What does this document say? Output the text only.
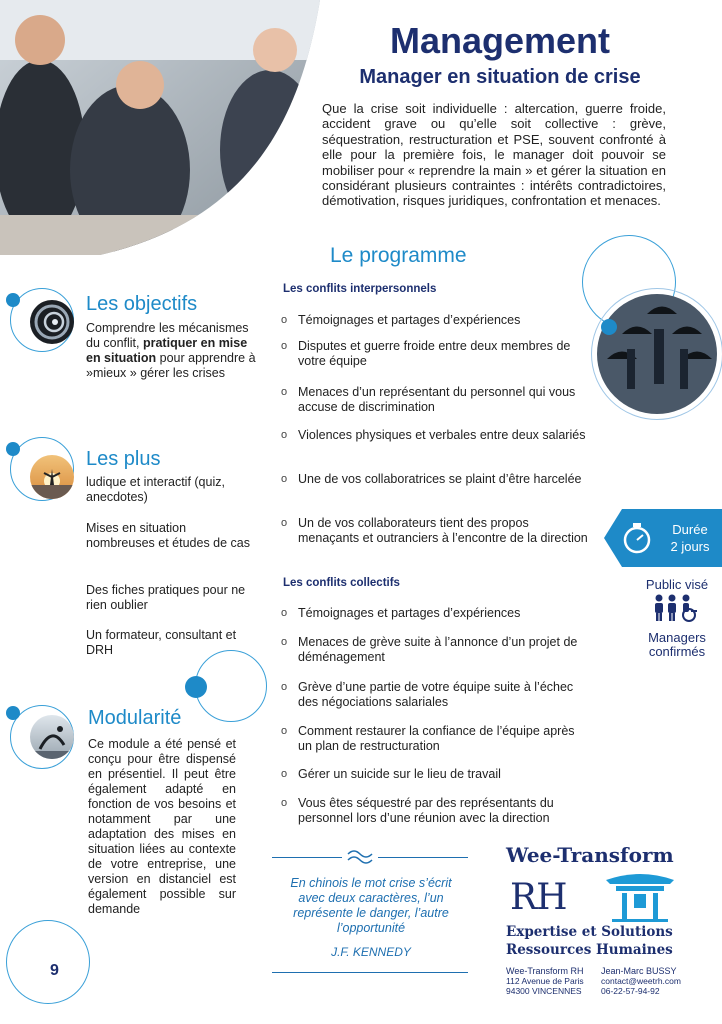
Management
Manager en situation de crise
Que la crise soit individuelle : altercation, guerre froide, accident grave ou qu’elle soit collective : grève, séquestration, restructuration et PSE, souvent confronté à elle pour la première fois, le manager doit pouvoir se mobiliser pour « reprendre la main » et gérer la situation en considérant plusieurs contraintes : intérêts contradictoires, démotivation, risques juridiques, confrontation et menaces.
Le programme
Les conflits interpersonnels
o Témoignages et partages d’expériences
o Disputes et guerre froide entre deux membres de votre équipe
o Menaces d’un représentant du personnel qui vous accuse de discrimination
o Violences physiques et verbales entre deux salariés
o Une de vos collaboratrices se plaint d’être harcelée
o Un de vos collaborateurs tient des propos menaçants et outranciers à l’encontre de la direction
Les conflits collectifs
o Témoignages et partages d’expériences
o Menaces de grève suite à l’annonce d’un projet de déménagement
o Grève d’une partie de votre équipe suite à l’échec des négociations salariales
o Comment restaurer la confiance de l’équipe après un plan de restructuration
o Gérer un suicide sur le lieu de travail
o Vous êtes séquestré par des représentants du personnel lors d’une réunion avec la direction
Les objectifs
Comprendre les mécanismes du conflit, pratiquer en mise en situation pour apprendre à »mieux » gérer les crises
Les plus
ludique et interactif (quiz, anecdotes)
Mises en situation nombreuses et études de cas
Des fiches pratiques pour ne rien oublier
Un formateur, consultant et DRH
Modularité
Ce module a été pensé et conçu pour être dispensé en présentiel. Il peut être également adapté en fonction de vos besoins et notamment par une adaptation des mises en situation liées au contexte de votre entreprise, une version en distanciel est également possible sur demande
9
Durée
2 jours
Public visé
Managers confirmés
En chinois le mot crise s’écrit avec deux caractères, l’un représente le danger, l’autre l’opportunité
J.F. KENNEDY
Wee-Transform
RH
Expertise et Solutions
Ressources Humaines
Wee-Transform RH
112 Avenue de Paris
94300 VINCENNES
Jean-Marc BUSSY
contact@weetrh.com
06-22-57-94-92
